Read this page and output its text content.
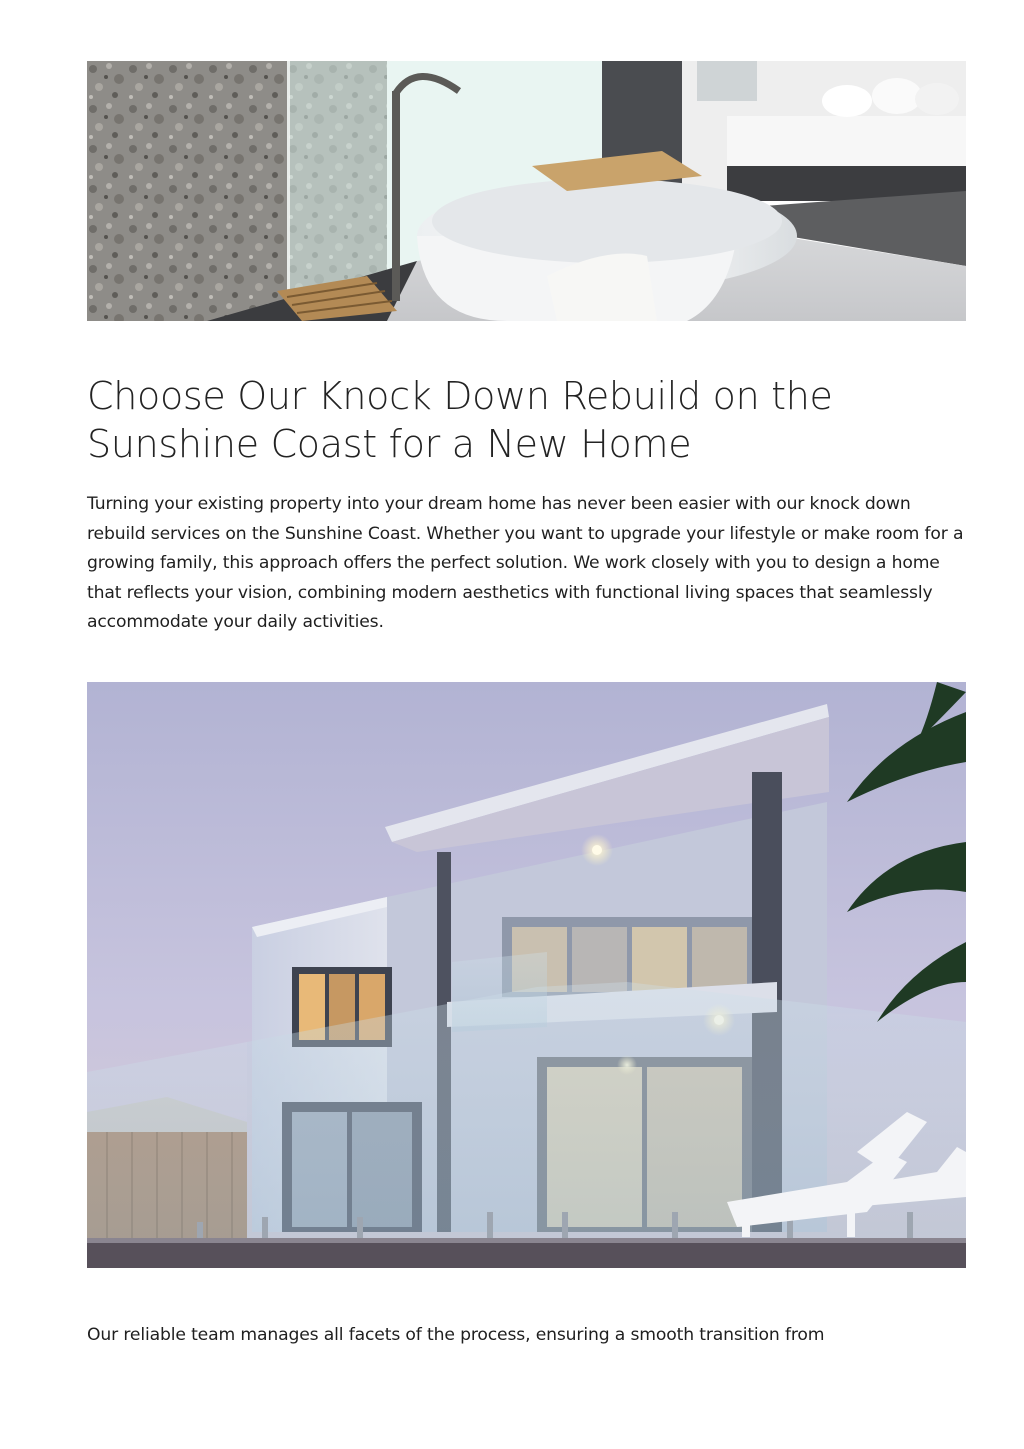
Choose Our Knock Down Rebuild on the Sunshine Coast for a New Home

Turning your existing property into your dream home has never been easier with our knock down rebuild services on the Sunshine Coast. Whether you want to upgrade your lifestyle or make room for a growing family, this approach offers the perfect solution. We work closely with you to design a home that reflects your vision, combining modern aesthetics with functional living spaces that seamlessly accommodate your daily activities.

Our reliable team manages all facets of the process, ensuring a smooth transition from
